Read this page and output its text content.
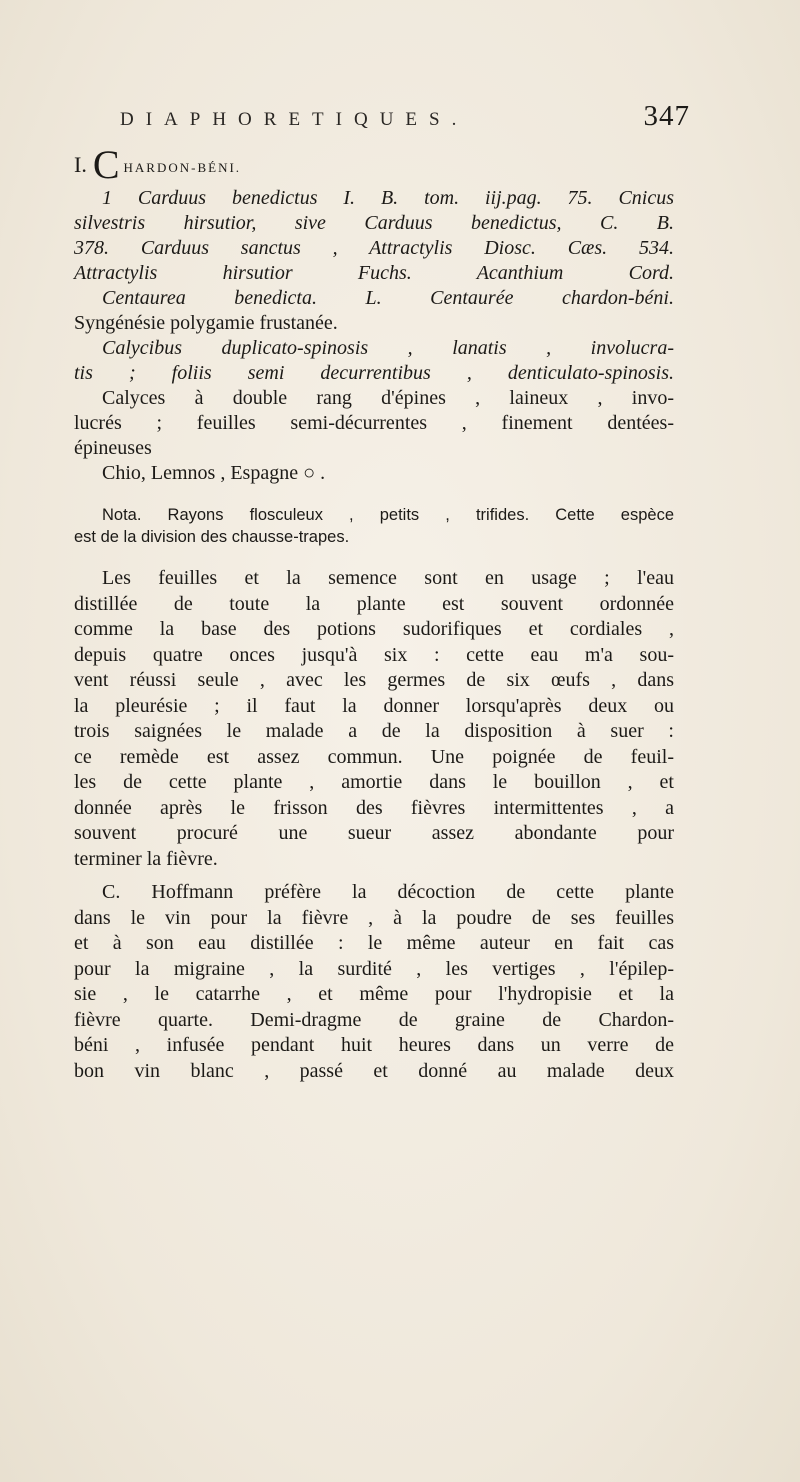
DIAPHORETIQUES.	347
I. C HARDON-BÉNI.
1 Carduus benedictus I. B. tom. iij.pag. 75. Cnicus
silvestris hirsutior, sive Carduus benedictus, C. B.
378. Carduus sanctus , Attractylis Diosc. Cæs. 534.
Attractylis hirsutior Fuchs. Acanthium Cord.
Centaurea benedicta. L. Centaurée chardon-béni.
Syngénésie polygamie frustanée.
Calycibus duplicato-spinosis , lanatis , involucra-
tis ; foliis semi decurrentibus , denticulato-spinosis.
Calyces à double rang d'épines , laineux , invo-
lucrés ; feuilles semi-décurrentes , finement dentées-
épineuses
Chio, Lemnos , Espagne ○ .
Nota. Rayons flosculeux , petits , trifides. Cette espèce
est de la division des chausse-trapes.
Les feuilles et la semence sont en usage ; l'eau
distillée de toute la plante est souvent ordonnée
comme la base des potions sudorifiques et cordiales ,
depuis quatre onces jusqu'à six : cette eau m'a sou-
vent réussi seule , avec les germes de six œufs , dans
la pleurésie ; il faut la donner lorsqu'après deux ou
trois saignées le malade a de la disposition à suer :
ce remède est assez commun. Une poignée de feuil-
les de cette plante , amortie dans le bouillon , et
donnée après le frisson des fièvres intermittentes , a
souvent procuré une sueur assez abondante pour
terminer la fièvre.
C. Hoffmann préfère la décoction de cette plante
dans le vin pour la fièvre , à la poudre de ses feuilles
et à son eau distillée : le même auteur en fait cas
pour la migraine , la surdité , les vertiges , l'épilep-
sie , le catarrhe , et même pour l'hydropisie et la
fièvre quarte. Demi-dragme de graine de Chardon-
béni , infusée pendant huit heures dans un verre de
bon vin blanc , passé et donné au malade deux
